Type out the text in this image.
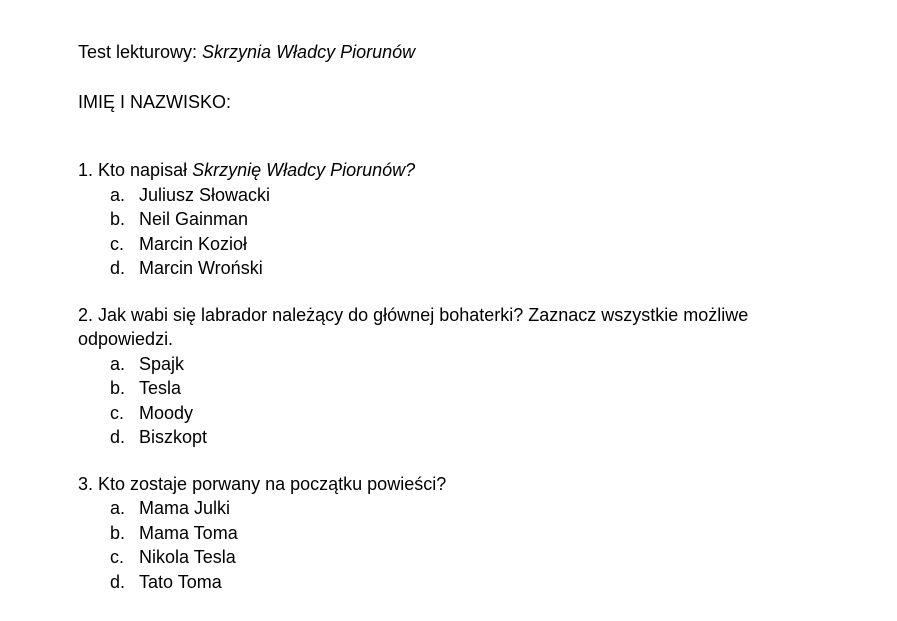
Test lekturowy: Skrzynia Władcy Piorunów

IMIĘ I NAZWISKO:

1. Kto napisał Skrzynię Władcy Piorunów?

a. Juliusz Słowacki
b. Neil Gainman
c. Marcin Kozioł
d. Marcin Wroński

2. Jak wabi się labrador należący do głównej bohaterki? Zaznacz wszystkie możliwe odpowiedzi.

a. Spajk
b. Tesla
c. Moody
d. Biszkopt

3. Kto zostaje porwany na początku powieści?

a. Mama Julki
b. Mama Toma
c. Nikola Tesla
d. Tato Toma
